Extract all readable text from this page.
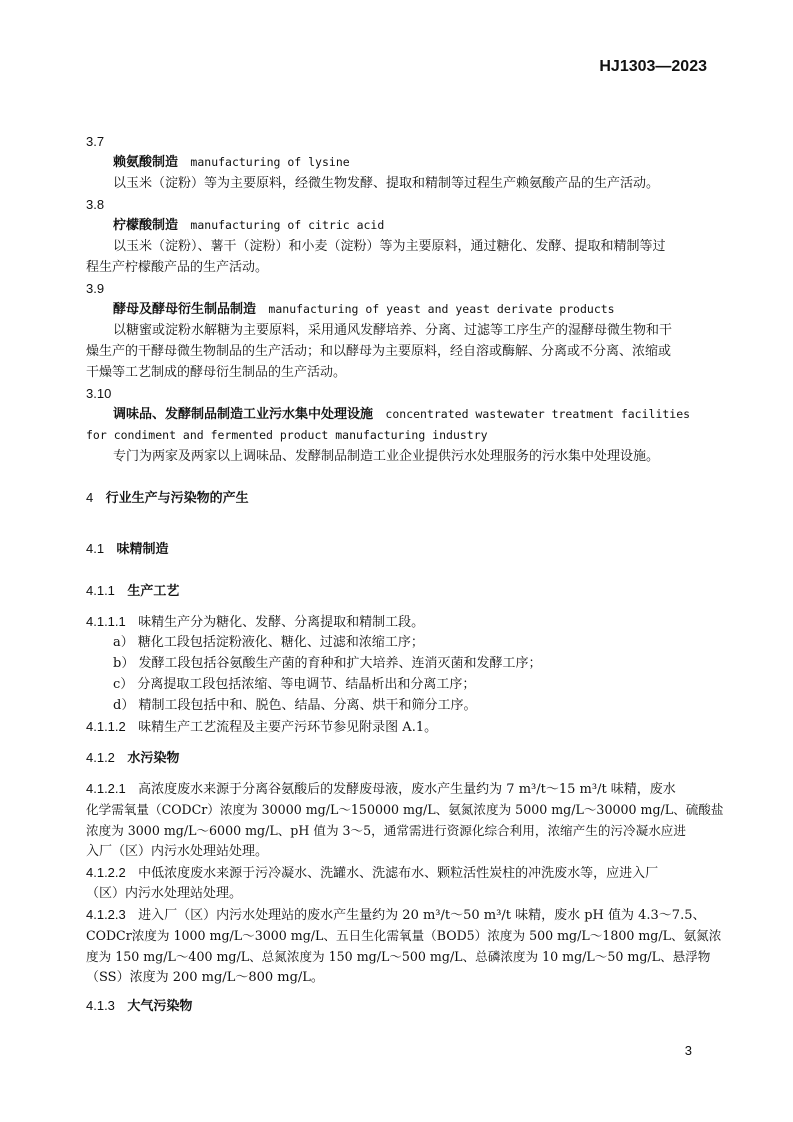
HJ1303—2023
3.7
赖氨酸制造 manufacturing of lysine
以玉米（淀粉）等为主要原料，经微生物发酵、提取和精制等过程生产赖氨酸产品的生产活动。
3.8
柠檬酸制造 manufacturing of citric acid
以玉米（淀粉）、薯干（淀粉）和小麦（淀粉）等为主要原料，通过糖化、发酵、提取和精制等过
程生产柠檬酸产品的生产活动。
3.9
酵母及酵母衍生制品制造 manufacturing of yeast and yeast derivate products
以糖蜜或淀粉水解糖为主要原料，采用通风发酵培养、分离、过滤等工序生产的湿酵母微生物和干
燥生产的干酵母微生物制品的生产活动；和以酵母为主要原料，经自溶或酶解、分离或不分离、浓缩或
干燥等工艺制成的酵母衍生制品的生产活动。
3.10
调味品、发酵制品制造工业污水集中处理设施 concentrated wastewater treatment facilities
for condiment and fermented product manufacturing industry
专门为两家及两家以上调味品、发酵制品制造工业企业提供污水处理服务的污水集中处理设施。
4 行业生产与污染物的产生
4.1 味精制造
4.1.1 生产工艺
4.1.1.1 味精生产分为糖化、发酵、分离提取和精制工段。
a） 糖化工段包括淀粉液化、糖化、过滤和浓缩工序；
b） 发酵工段包括谷氨酸生产菌的育种和扩大培养、连消灭菌和发酵工序；
c） 分离提取工段包括浓缩、等电调节、结晶析出和分离工序；
d） 精制工段包括中和、脱色、结晶、分离、烘干和筛分工序。
4.1.1.2 味精生产工艺流程及主要产污环节参见附录图 A.1。
4.1.2 水污染物
4.1.2.1 高浓度废水来源于分离谷氨酸后的发酵废母液，废水产生量约为 7 m³/t～15 m³/t 味精，废水
化学需氧量（CODCr）浓度为 30000 mg/L～150000 mg/L、氨氮浓度为 5000 mg/L～30000 mg/L、硫酸盐
浓度为 3000 mg/L～6000 mg/L、pH 值为 3～5，通常需进行资源化综合利用，浓缩产生的污冷凝水应进
入厂（区）内污水处理站处理。
4.1.2.2 中低浓度废水来源于污冷凝水、洗罐水、洗滤布水、颗粒活性炭柱的冲洗废水等，应进入厂
（区）内污水处理站处理。
4.1.2.3 进入厂（区）内污水处理站的废水产生量约为 20 m³/t～50 m³/t 味精，废水 pH 值为 4.3～7.5、
CODCr浓度为 1000 mg/L～3000 mg/L、五日生化需氧量（BOD5）浓度为 500 mg/L～1800 mg/L、氨氮浓
度为 150 mg/L～400 mg/L、总氮浓度为 150 mg/L～500 mg/L、总磷浓度为 10 mg/L～50 mg/L、悬浮物
（SS）浓度为 200 mg/L～800 mg/L。
4.1.3 大气污染物
3
